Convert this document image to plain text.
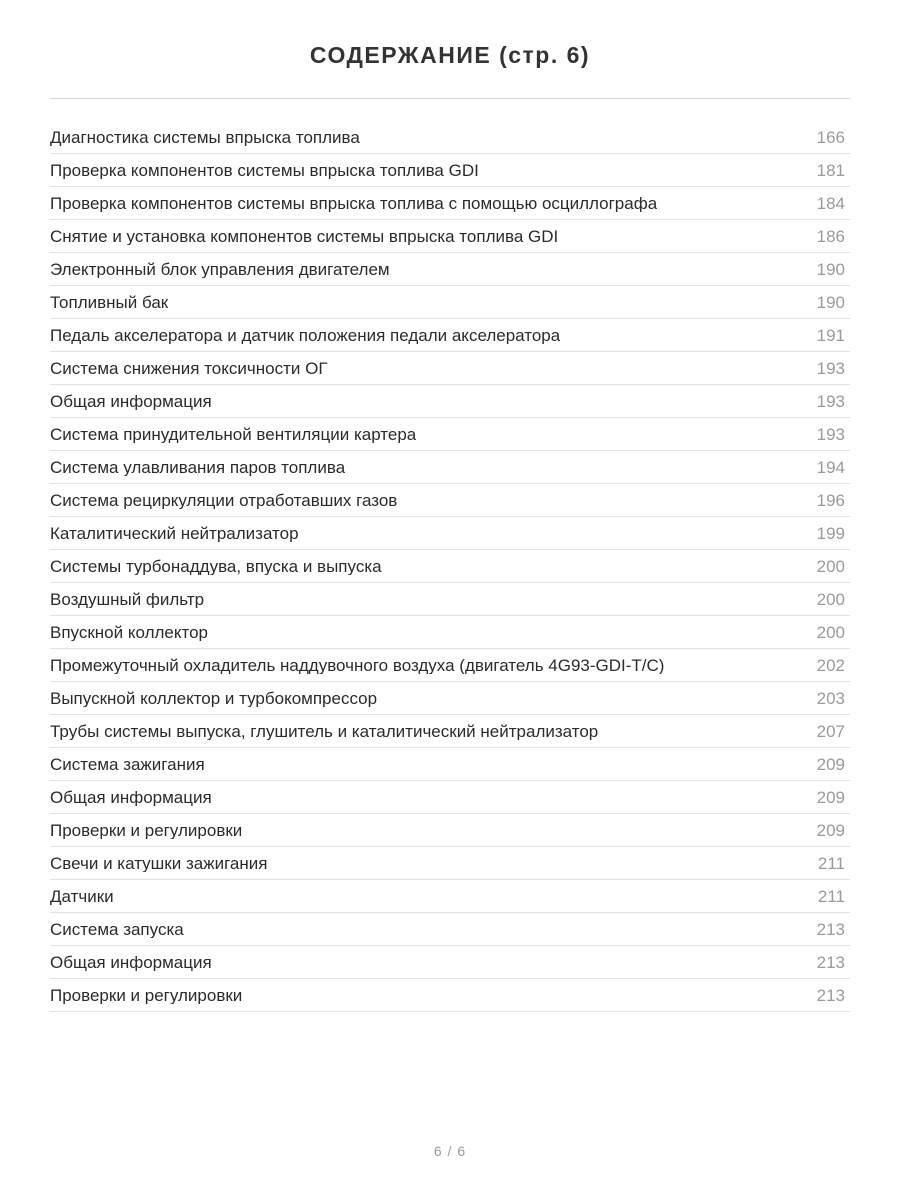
СОДЕРЖАНИЕ (стр. 6)
Диагностика системы впрыска топлива	166
Проверка компонентов системы впрыска топлива GDI	181
Проверка компонентов системы впрыска топлива с помощью осциллографа	184
Снятие и установка компонентов системы впрыска топлива GDI	186
Электронный блок управления двигателем	190
Топливный бак	190
Педаль акселератора и датчик положения педали акселератора	191
Система снижения токсичности ОГ	193
Общая информация	193
Система принудительной вентиляции картера	193
Система улавливания паров топлива	194
Система рециркуляции отработавших газов	196
Каталитический нейтрализатор	199
Системы турбонаддува, впуска и выпуска	200
Воздушный фильтр	200
Впускной коллектор	200
Промежуточный охладитель наддувочного воздуха (двигатель 4G93-GDI-T/C)	202
Выпускной коллектор и турбокомпрессор	203
Трубы системы выпуска, глушитель и каталитический нейтрализатор	207
Система зажигания	209
Общая информация	209
Проверки и регулировки	209
Свечи и катушки зажигания	211
Датчики	211
Система запуска	213
Общая информация	213
Проверки и регулировки	213
6 / 6
